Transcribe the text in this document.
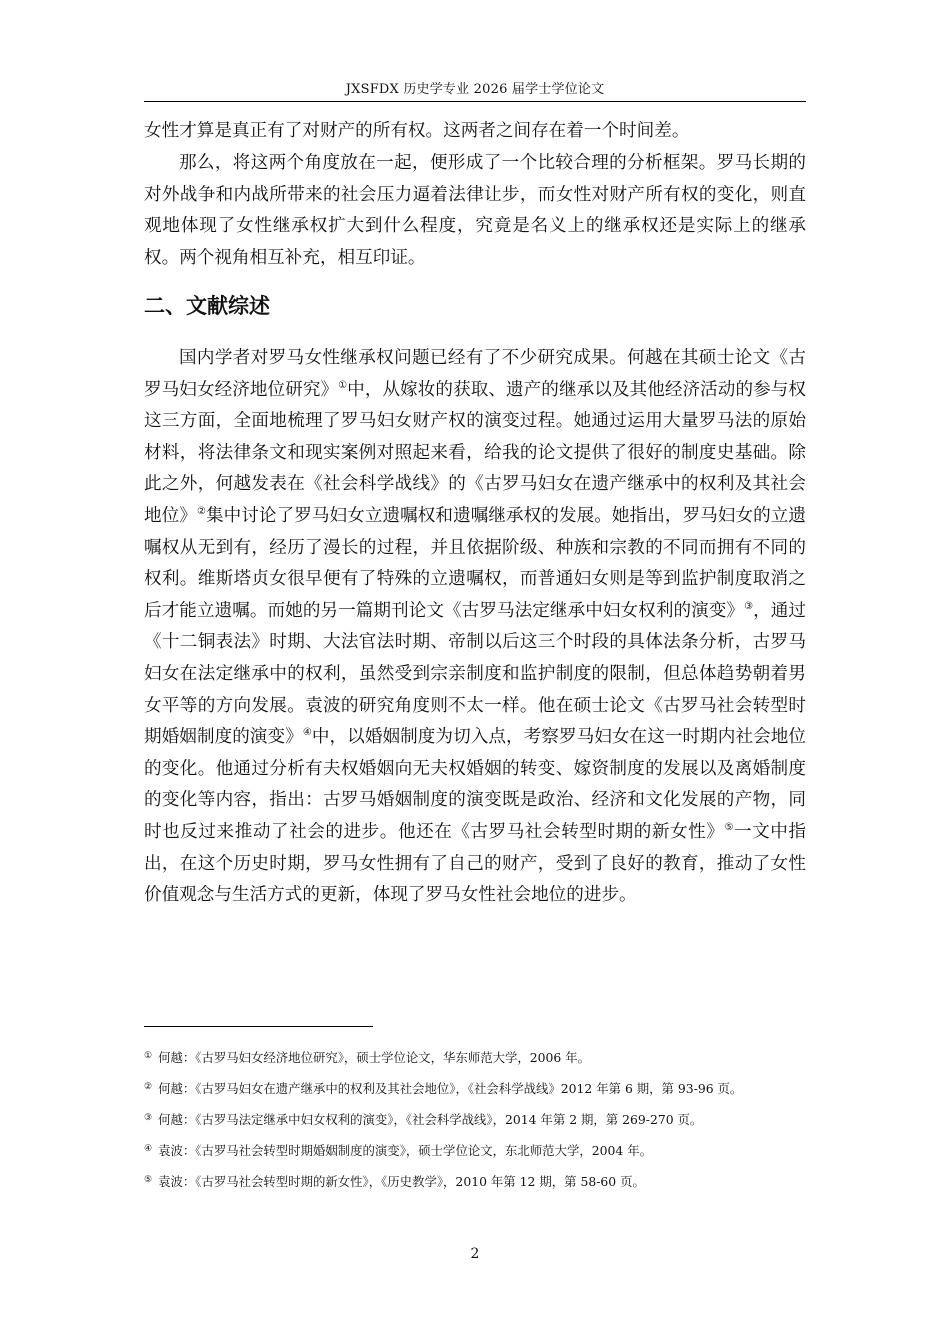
JXSFDX 历史学专业 2026 届学士学位论文
女性才算是真正有了对财产的所有权。这两者之间存在着一个时间差。
那么，将这两个角度放在一起，便形成了一个比较合理的分析框架。罗马长期的对外战争和内战所带来的社会压力逼着法律让步，而女性对财产所有权的变化，则直观地体现了女性继承权扩大到什么程度，究竟是名义上的继承权还是实际上的继承权。两个视角相互补充，相互印证。
二、文献综述
国内学者对罗马女性继承权问题已经有了不少研究成果。何越在其硕士论文《古罗马妇女经济地位研究》①中，从嫁妆的获取、遗产的继承以及其他经济活动的参与权这三方面，全面地梳理了罗马妇女财产权的演变过程。她通过运用大量罗马法的原始材料，将法律条文和现实案例对照起来看，给我的论文提供了很好的制度史基础。除此之外，何越发表在《社会科学战线》的《古罗马妇女在遗产继承中的权利及其社会地位》②集中讨论了罗马妇女立遗嘱权和遗嘱继承权的发展。她指出，罗马妇女的立遗嘱权从无到有，经历了漫长的过程，并且依据阶级、种族和宗教的不同而拥有不同的权利。维斯塔贞女很早便有了特殊的立遗嘱权，而普通妇女则是等到监护制度取消之后才能立遗嘱。而她的另一篇期刊论文《古罗马法定继承中妇女权利的演变》③，通过《十二铜表法》时期、大法官法时期、帝制以后这三个时段的具体法条分析，古罗马妇女在法定继承中的权利，虽然受到宗亲制度和监护制度的限制，但总体趋势朝着男女平等的方向发展。袁波的研究角度则不太一样。他在硕士论文《古罗马社会转型时期婚姻制度的演变》④中，以婚姻制度为切入点，考察罗马妇女在这一时期内社会地位的变化。他通过分析有夫权婚姻向无夫权婚姻的转变、嫁资制度的发展以及离婚制度的变化等内容，指出：古罗马婚姻制度的演变既是政治、经济和文化发展的产物，同时也反过来推动了社会的进步。他还在《古罗马社会转型时期的新女性》⑤一文中指出，在这个历史时期，罗马女性拥有了自己的财产，受到了良好的教育，推动了女性价值观念与生活方式的更新，体现了罗马女性社会地位的进步。
① 何越：《古罗马妇女经济地位研究》，硕士学位论文，华东师范大学，2006 年。
② 何越：《古罗马妇女在遗产继承中的权利及其社会地位》，《社会科学战线》2012 年第 6 期，第 93-96 页。
③ 何越：《古罗马法定继承中妇女权利的演变》，《社会科学战线》，2014 年第 2 期，第 269-270 页。
④ 袁波：《古罗马社会转型时期婚姻制度的演变》，硕士学位论文，东北师范大学，2004 年。
⑤ 袁波：《古罗马社会转型时期的新女性》，《历史教学》，2010 年第 12 期，第 58-60 页。
2
